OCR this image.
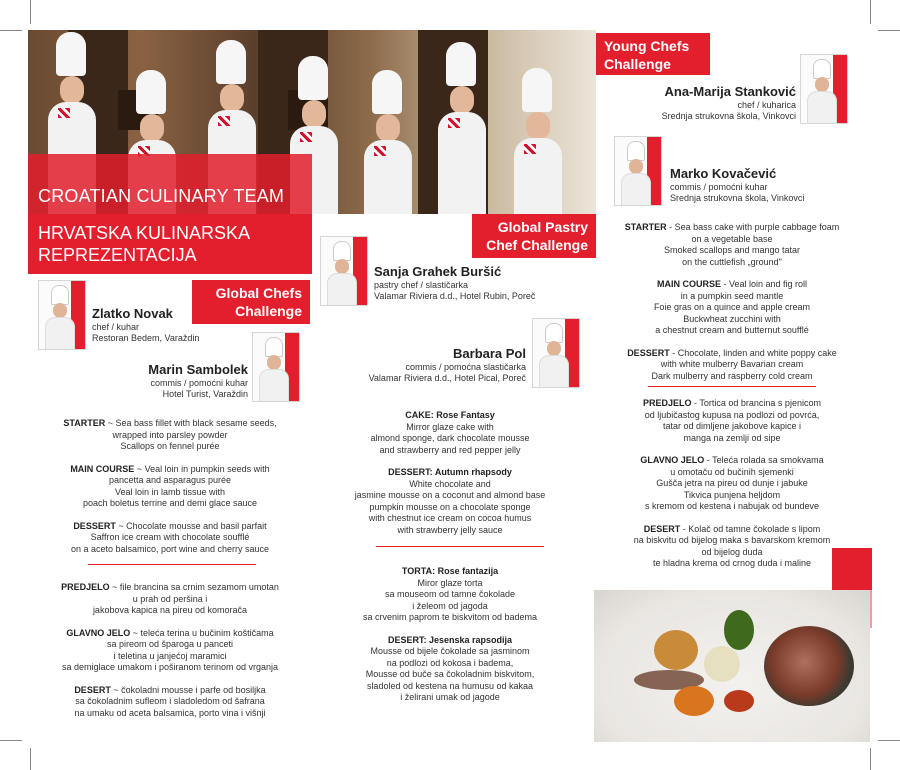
CROATIAN CULINARY TEAM
HRVATSKA KULINARSKA
REPREZENTACIJA
Global Chefs
Challenge
Global Pastry
Chef Challenge
Young Chefs
Challenge
Zlatko Novak
chef / kuhar
Restoran Bedem, Varaždin
Marin Sambolek
commis / pomoćni kuhar
Hotel Turist, Varaždin
Sanja Grahek Buršić
pastry chef / slastičarka
Valamar Riviera d.d., Hotel Rubin, Poreč
Barbara Pol
commis / pomoćna slastičarka
Valamar Riviera d.d., Hotel Pical, Poreč
Ana-Marija Stanković
chef / kuharica
Srednja strukovna škola, Vinkovci
Marko Kovačević
commis / pomoćni kuhar
Srednja strukovna škola, Vinkovci
STARTER ~ Sea bass fillet with black sesame seeds,
wrapped into parsley powder
Scallops on fennel purée
MAIN COURSE ~ Veal loin in pumpkin seeds with
pancetta and asparagus purée
Veal loin in lamb tissue with
poach boletus terrine and demi glace sauce
DESSERT ~ Chocolate mousse and basil parfait
Saffron ice cream with chocolate soufflé
on a aceto balsamico, port wine and cherry sauce
PREDJELO ~ file brancina sa crnim sezamom umotan
u prah od peršina i
jakobova kapica na pireu od komorača
GLAVNO JELO ~ teleća terina u bučinim koštičama
sa pireom od šparoga u panceti
i teletina u janjećoj maramici
sa demiglace umakom i poširanom terinom od vrganja
DESERT ~ čokoladni mousse i parfe od bosiljka
sa čokoladnim sufleom i sladoledom od šafrana
na umaku od aceta balsamica, porto vina i višnji
CAKE: Rose Fantasy
Mirror glaze cake with
almond sponge, dark chocolate mousse
and strawberry and red pepper jelly
DESSERT: Autumn rhapsody
White chocolate and
jasmine mousse on a coconut and almond base
pumpkin mousse on a chocolate sponge
with chestnut ice cream on cocoa humus
with strawberry jelly sauce
TORTA: Rose fantazija
Miror glaze torta
sa mouseom od tamne čokolade
i želeom od jagoda
sa crvenim paprom te biskvitom od badema
DESERT: Jesenska rapsodija
Mousse od bijele čokolade sa jasminom
na podlozi od kokosa i badema,
Mousse od buče sa čokoladnim biskvitom,
sladoled od kestena na humusu od kakaa
i želirani umak od jagode
STARTER - Sea bass cake with purple cabbage foam
on a vegetable base
Smoked scallops and mango tatar
on the cuttlefish „ground"
MAIN COURSE - Veal loin and fig roll
in a pumpkin seed mantle
Foie gras on a quince and apple cream
Buckwheat zucchini with
a chestnut cream and butternut soufflé
DESSERT - Chocolate, linden and white poppy cake
with white mulberry Bavarian cream
Dark mulberry and raspberry cold cream
PREDJELO - Tortica od brancina s pjenicom
od ljubičastog kupusa na podlozi od povrća,
tatar od dimljene jakobove kapice i
manga na zemlji od sipe
GLAVNO JELO - Teleća rolada sa smokvama
u omotaču od bučinih sjemenki
Gušča jetra na pireu od dunje i jabuke
Tikvica punjena heljdom
s kremom od kestena i nabujak od bundeve
DESERT - Kolač od tamne čokolade s lipom
na biskvitu od bijelog maka s bavarskom kremom
od bijelog duda
te hladna krema od crnog duda i maline
